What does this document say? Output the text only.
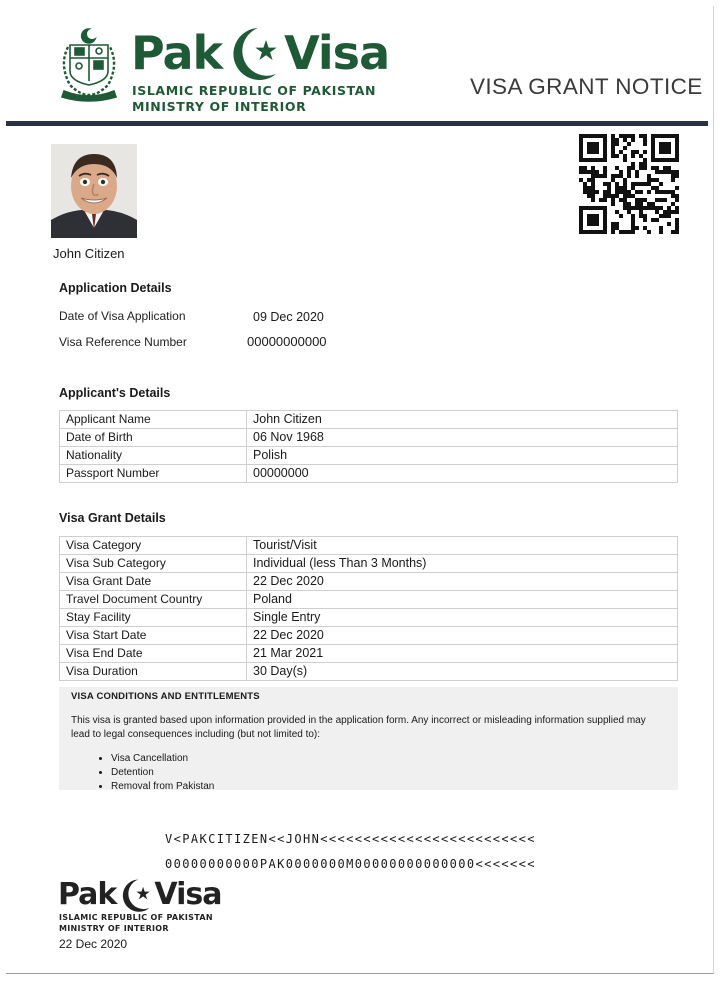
Pak Visa
ISLAMIC REPUBLIC OF PAKISTAN
MINISTRY OF INTERIOR
VISA GRANT NOTICE
John Citizen
Application Details
Date of Visa Application	09 Dec 2020
Visa Reference Number	00000000000
Applicant's Details
Applicant Name	John Citizen
Date of Birth	06 Nov 1968
Nationality	Polish
Passport Number	00000000
Visa Grant Details
Visa Category	Tourist/Visit
Visa Sub Category	Individual (less Than 3 Months)
Visa Grant Date	22 Dec 2020
Travel Document Country	Poland
Stay Facility	Single Entry
Visa Start Date	22 Dec 2020
Visa End Date	21 Mar 2021
Visa Duration	30 Day(s)
VISA CONDITIONS AND ENTITLEMENTS

This visa is granted based upon information provided in the application form. Any incorrect or misleading information supplied may lead to legal consequences including (but not limited to):

• Visa Cancellation
• Detention
• Removal from Pakistan
V<PAKCITIZEN<<JOHN<<<<<<<<<<<<<<<<<<<<<<<<<
00000000000PAK0000000M00000000000000<<<<<<<
Pak Visa
ISLAMIC REPUBLIC OF PAKISTAN
MINISTRY OF INTERIOR
22 Dec 2020
